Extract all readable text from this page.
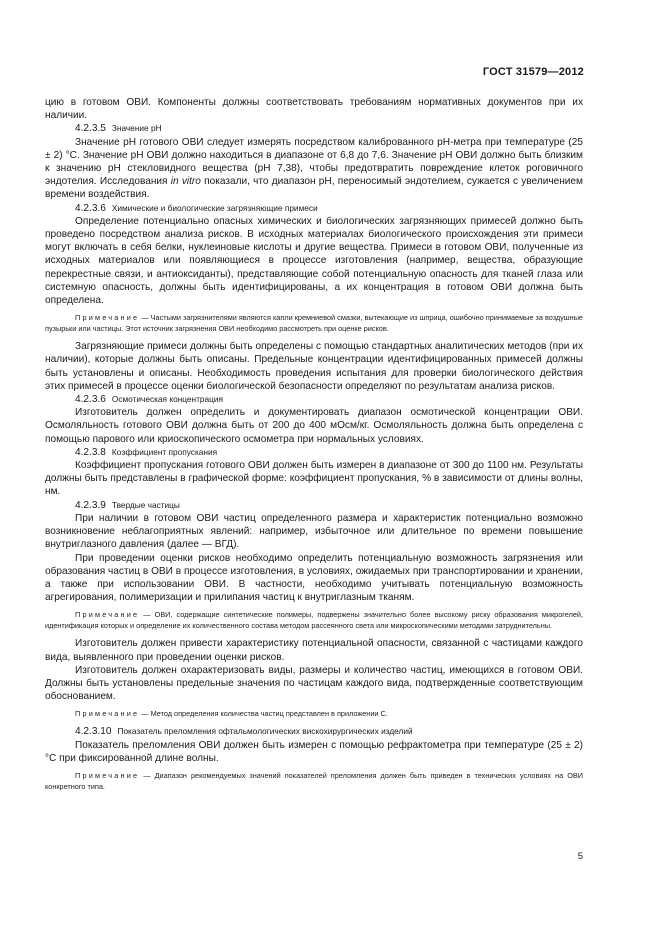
ГОСТ 31579—2012

цию в готовом ОВИ. Компоненты должны соответствовать требованиям нормативных документов при их наличии.

4.2.3.5 Значение pH

Значение pH готового ОВИ следует измерять посредством калиброванного pH-метра при температуре (25 ± 2) °С. Значение pH ОВИ должно находиться в диапазоне от 6,8 до 7,6. Значение pH ОВИ должно быть близким к значению pH стекловидного вещества (pH 7,38), чтобы предотвратить повреждение клеток роговичного эндотелия. Исследования in vitro показали, что диапазон pH, переносимый эндотелием, сужается с увеличением времени воздействия.

4.2.3.6 Химические и биологические загрязняющие примеси

Определение потенциально опасных химических и биологических загрязняющих примесей должно быть проведено посредством анализа рисков. В исходных материалах биологического происхождения эти примеси могут включать в себя белки, нуклеиновые кислоты и другие вещества. Примеси в готовом ОВИ, полученные из исходных материалов или появляющиеся в процессе изготовления (например, вещества, образующие перекрестные связи, и антиоксиданты), представляющие собой потенциальную опасность для тканей глаза или системную опасность, должны быть идентифицированы, а их концентрация в готовом ОВИ должна быть определена.

Примечание — Частыми загрязнителями являются капли кремниевой смазки, вытекающие из шприца, ошибочно принимаемые за воздушные пузырьки или частицы. Этот источник загрязнения ОВИ необходимо рассмотреть при оценке рисков.

Загрязняющие примеси должны быть определены с помощью стандартных аналитических методов (при их наличии), которые должны быть описаны. Предельные концентрации идентифицированных примесей должны быть установлены и описаны. Необходимость проведения испытания для проверки биологического действия этих примесей в процессе оценки биологической безопасности определяют по результатам анализа рисков.

4.2.3.6 Осмотическая концентрация

Изготовитель должен определить и документировать диапазон осмотической концентрации ОВИ. Осмоляльность готового ОВИ должна быть от 200 до 400 мОсм/кг. Осмоляльность должна быть определена с помощью парового или криоскопического осмометра при нормальных условиях.

4.2.3.8 Коэффициент пропускания

Коэффициент пропускания готового ОВИ должен быть измерен в диапазоне от 300 до 1100 нм. Результаты должны быть представлены в графической форме: коэффициент пропускания, % в зависимости от длины волны, нм.

4.2.3.9 Твердые частицы

При наличии в готовом ОВИ частиц определенного размера и характеристик потенциально возможно возникновение неблагоприятных явлений: например, избыточное или длительное по времени повышение внутриглазного давления (далее — ВГД).

При проведении оценки рисков необходимо определить потенциальную возможность загрязнения или образования частиц в ОВИ в процессе изготовления, в условиях, ожидаемых при транспортировании и хранении, а также при использовании ОВИ. В частности, необходимо учитывать потенциальную возможность агрегирования, полимеризации и прилипания частиц к внутриглазным тканям.

Примечание — ОВИ, содержащие синтетические полимеры, подвержены значительно более высокому риску образования микрогелей, идентификация которых и определение их количественного состава методом рассеянного света или микроскопическими методами затруднительны.

Изготовитель должен привести характеристику потенциальной опасности, связанной с частицами каждого вида, выявленного при проведении оценки рисков.

Изготовитель должен охарактеризовать виды, размеры и количество частиц, имеющихся в готовом ОВИ. Должны быть установлены предельные значения по частицам каждого вида, подтвержденные соответствующим обоснованием.

Примечание — Метод определения количества частиц представлен в приложении С.

4.2.3.10 Показатель преломления офтальмологических вискохирургических изделий

Показатель преломления ОВИ должен быть измерен с помощью рефрактометра при температуре (25 ± 2) °С при фиксированной длине волны.

Примечание — Диапазон рекомендуемых значений показателей преломления должен быть приведен в технических условиях на ОВИ конкретного типа.

5
